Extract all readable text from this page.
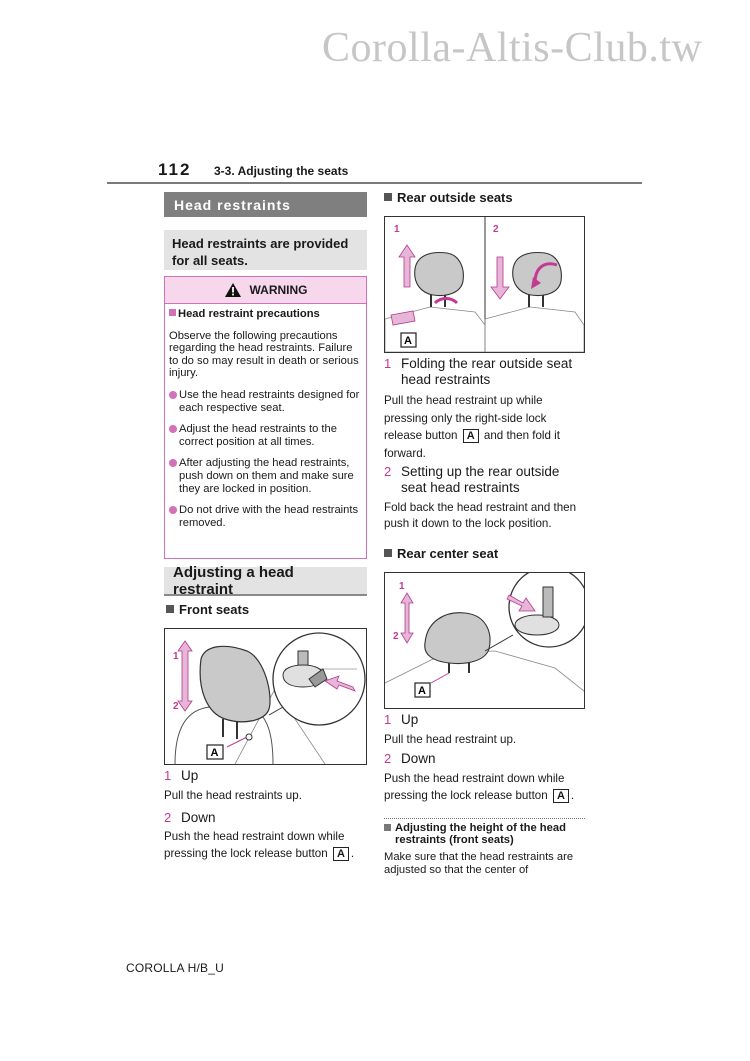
Corolla-Altis-Club.tw
112 3-3. Adjusting the seats
Head restraints
Head restraints are provided for all seats.
WARNING
Head restraint precautions
Observe the following precautions regarding the head restraints. Failure to do so may result in death or serious injury.
Use the head restraints designed for each respective seat.
Adjust the head restraints to the correct position at all times.
After adjusting the head restraints, push down on them and make sure they are locked in position.
Do not drive with the head restraints removed.
Adjusting a head restraint
Front seats
1
2
A
1 Up
Pull the head restraints up.
2 Down
Push the head restraint down while pressing the lock release button A .
Rear outside seats
1	2
A
1 Folding the rear outside seat head restraints
Pull the head restraint up while pressing only the right-side lock release button A and then fold it forward.
2 Setting up the rear outside seat head restraints
Fold back the head restraint and then push it down to the lock position.
Rear center seat
1
2
A
1 Up
Pull the head restraint up.
2 Down
Push the head restraint down while pressing the lock release button A .
Adjusting the height of the head restraints (front seats)
Make sure that the head restraints are adjusted so that the center of
COROLLA H/B_U
